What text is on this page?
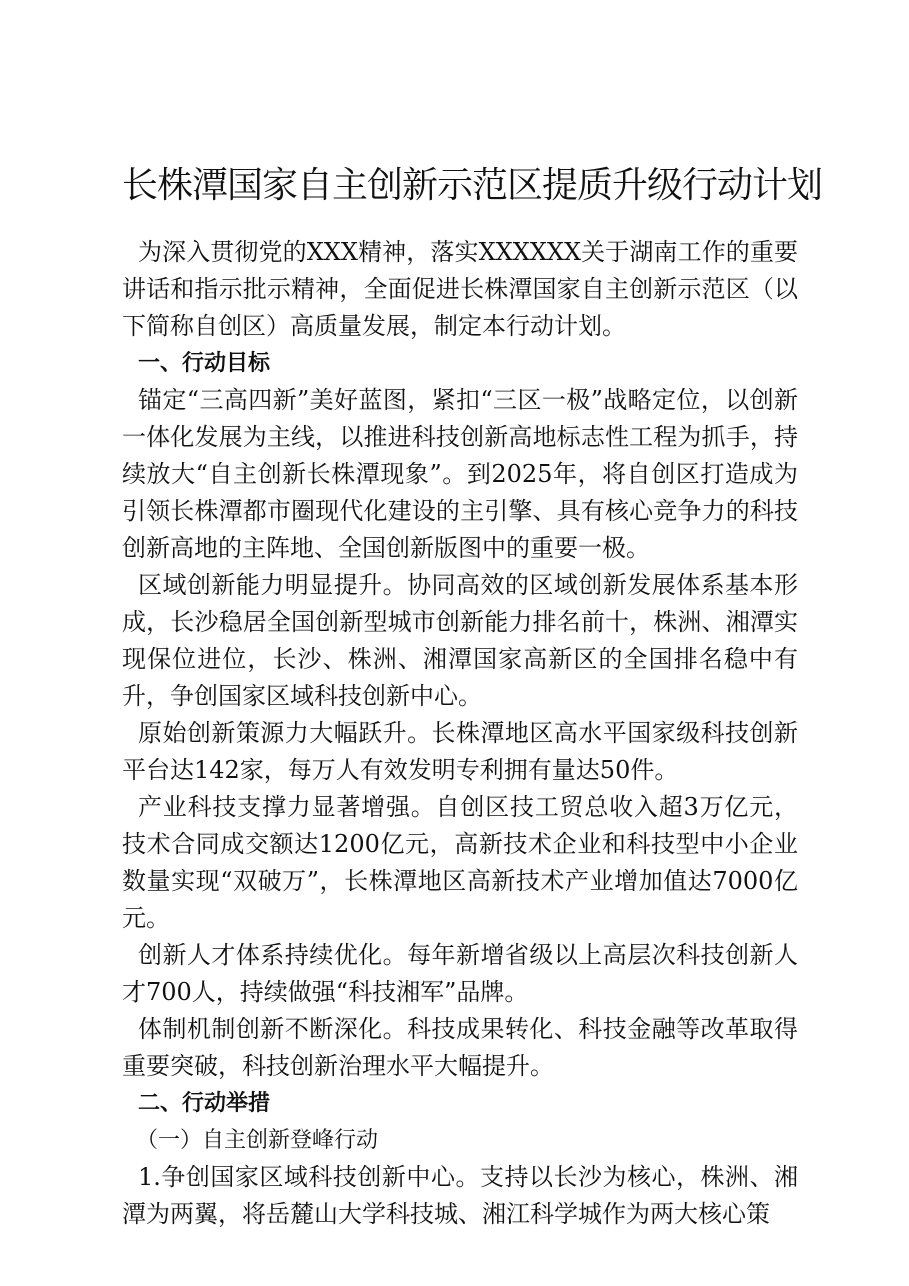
长株潭国家自主创新示范区提质升级行动计划

为深入贯彻党的XXX精神，落实XXXXXX关于湖南工作的重要讲话和指示批示精神，全面促进长株潭国家自主创新示范区（以下简称自创区）高质量发展，制定本行动计划。

一、行动目标

锚定“三高四新”美好蓝图，紧扣“三区一极”战略定位，以创新一体化发展为主线，以推进科技创新高地标志性工程为抓手，持续放大“自主创新长株潭现象”。到2025年，将自创区打造成为引领长株潭都市圈现代化建设的主引擎、具有核心竞争力的科技创新高地的主阵地、全国创新版图中的重要一极。

区域创新能力明显提升。协同高效的区域创新发展体系基本形成，长沙稳居全国创新型城市创新能力排名前十，株洲、湘潭实现保位进位，长沙、株洲、湘潭国家高新区的全国排名稳中有升，争创国家区域科技创新中心。

原始创新策源力大幅跃升。长株潭地区高水平国家级科技创新平台达142家，每万人有效发明专利拥有量达50件。

产业科技支撑力显著增强。自创区技工贸总收入超3万亿元，技术合同成交额达1200亿元，高新技术企业和科技型中小企业数量实现“双破万”，长株潭地区高新技术产业增加值达7000亿元。

创新人才体系持续优化。每年新增省级以上高层次科技创新人才700人，持续做强“科技湘军”品牌。

体制机制创新不断深化。科技成果转化、科技金融等改革取得重要突破，科技创新治理水平大幅提升。

二、行动举措
（一）自主创新登峰行动

1.争创国家区域科技创新中心。支持以长沙为核心，株洲、湘潭为两翼，将岳麓山大学科技城、湘江科学城作为两大核心策
